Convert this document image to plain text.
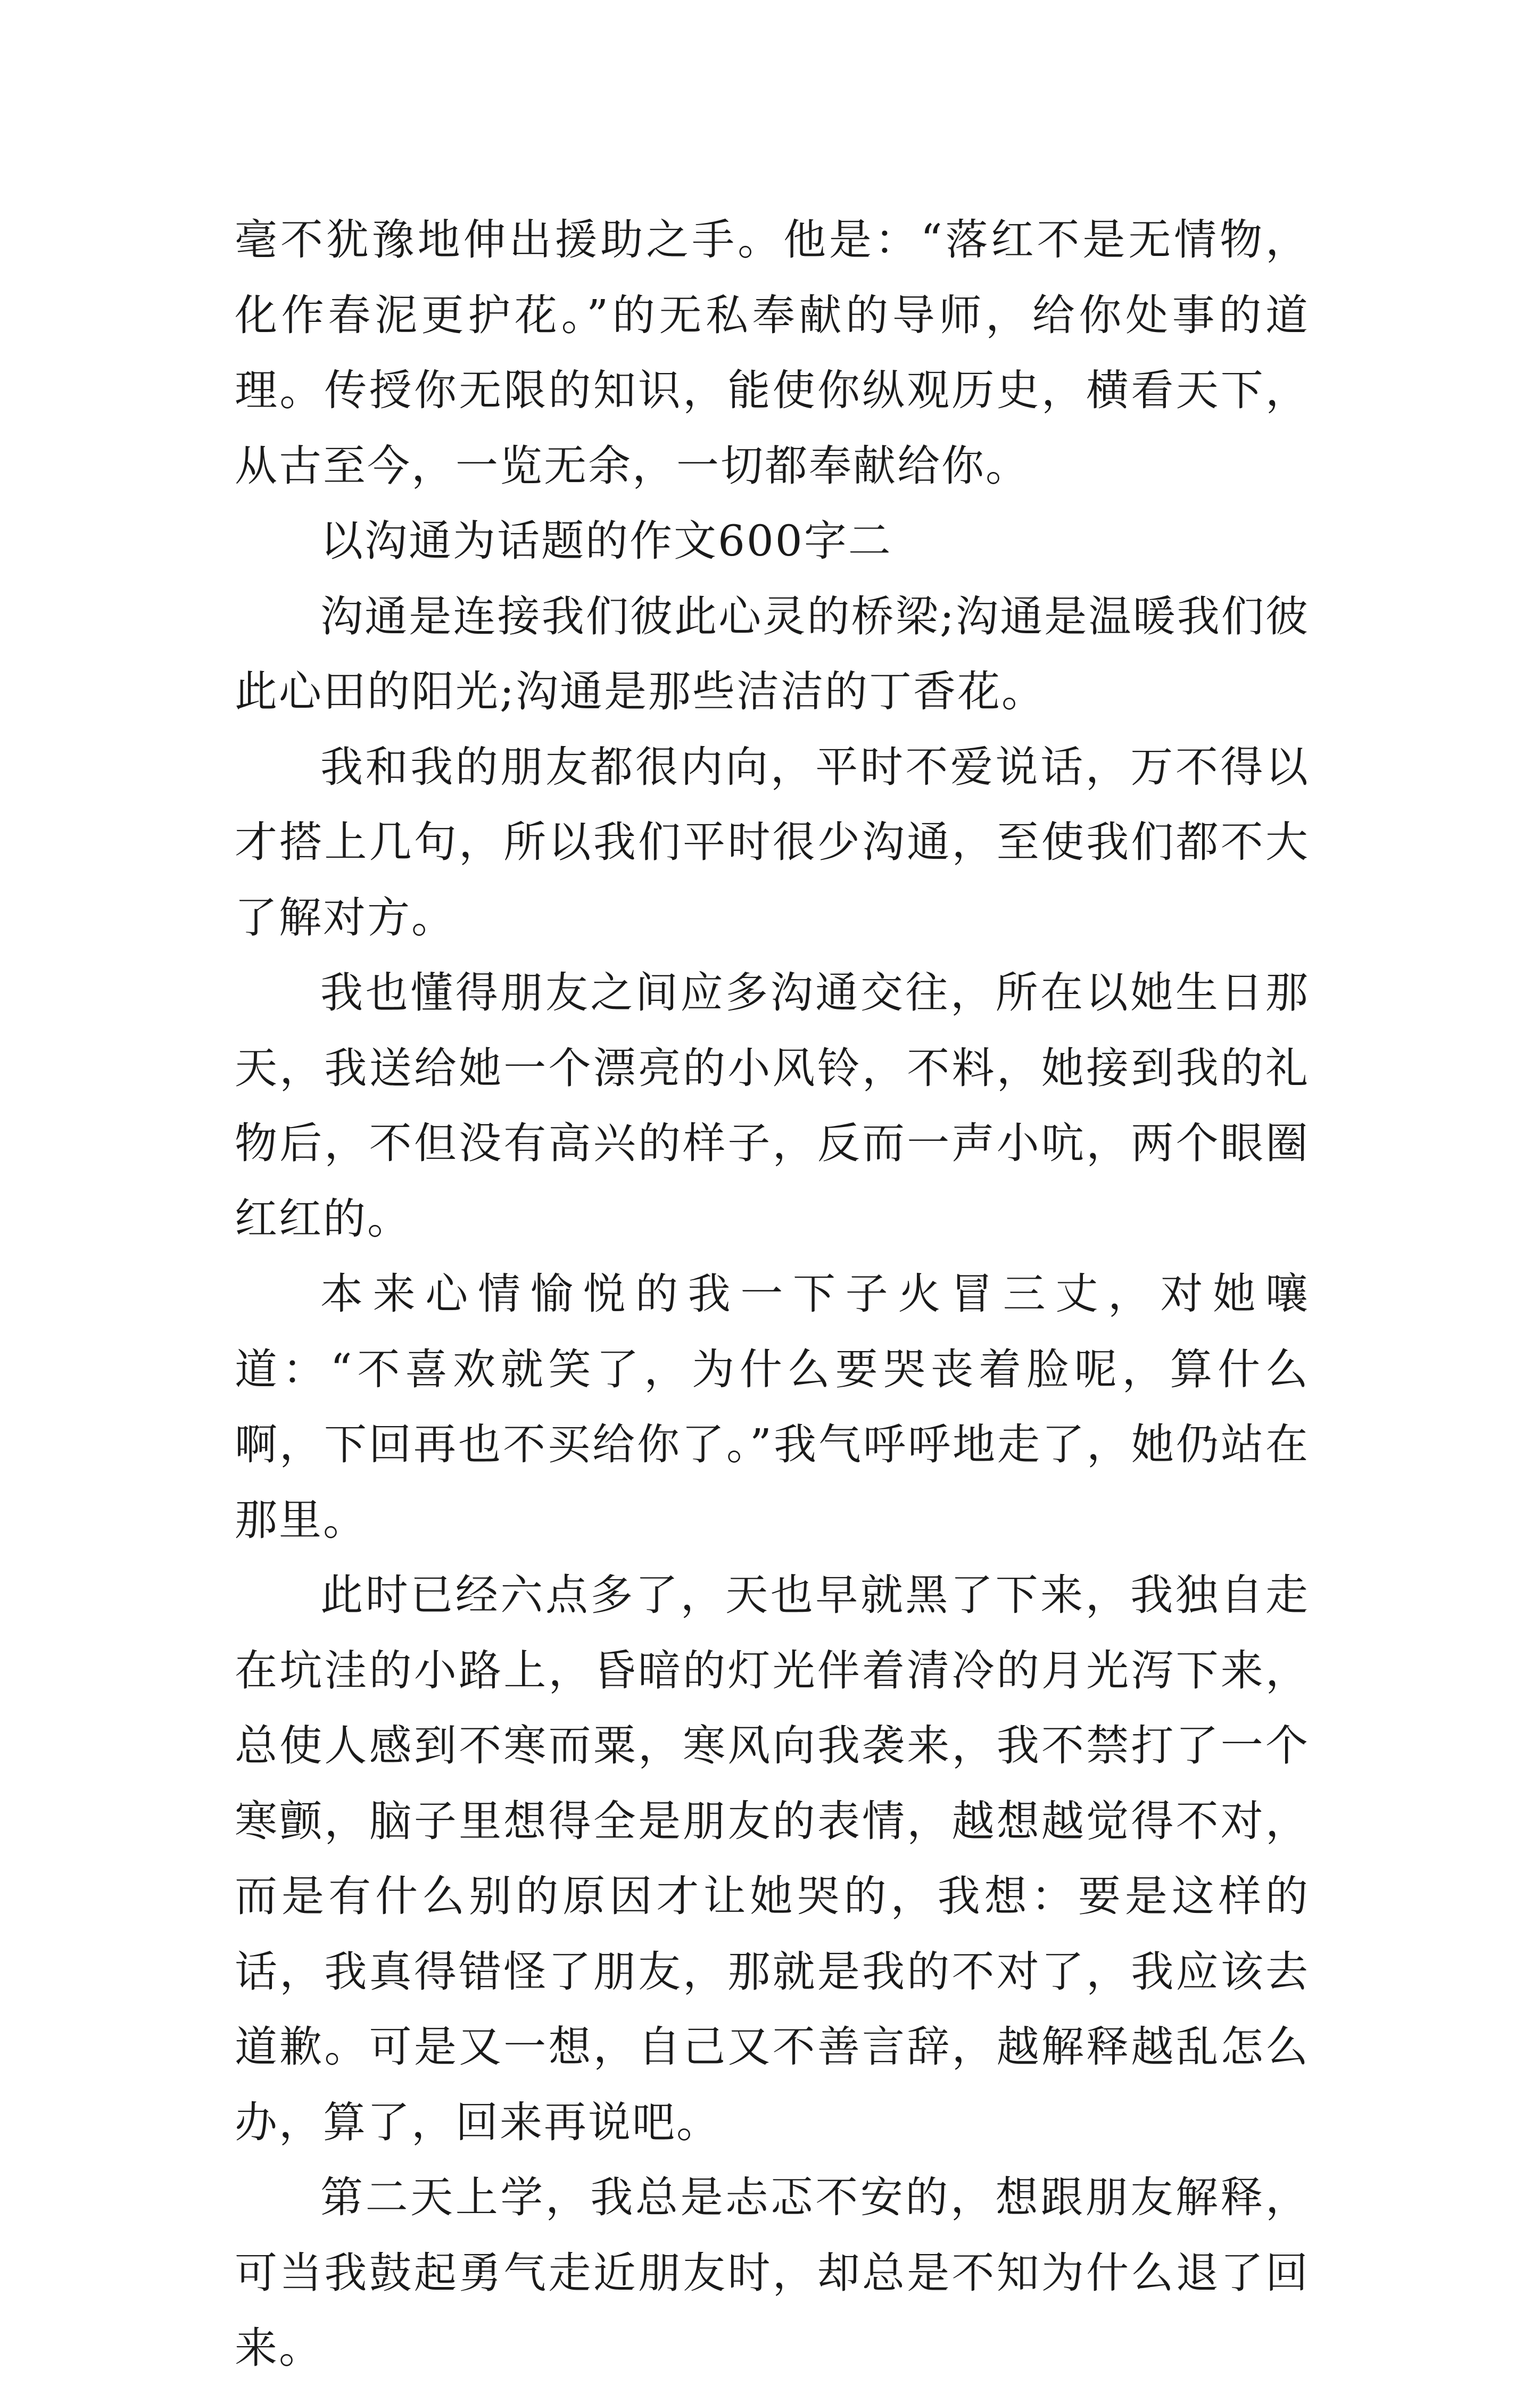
毫不犹豫地伸出援助之手。他是：“落红不是无情物，化作春泥更护花。”的无私奉献的导师，给你处事的道理。传授你无限的知识，能使你纵观历史，横看天下，从古至今，一览无余，一切都奉献给你。

以沟通为话题的作文600字二

沟通是连接我们彼此心灵的桥梁;沟通是温暖我们彼此心田的阳光;沟通是那些洁洁的丁香花。

我和我的朋友都很内向，平时不爱说话，万不得以才搭上几句，所以我们平时很少沟通，至使我们都不大了解对方。

我也懂得朋友之间应多沟通交往，所在以她生日那天，我送给她一个漂亮的小风铃，不料，她接到我的礼物后，不但没有高兴的样子，反而一声小吭，两个眼圈红红的。

本来心情愉悦的我一下子火冒三丈，对她嚷道：“不喜欢就笑了，为什么要哭丧着脸呢，算什么啊，下回再也不买给你了。”我气呼呼地走了，她仍站在那里。

此时已经六点多了，天也早就黑了下来，我独自走在坑洼的小路上，昏暗的灯光伴着清冷的月光泻下来，总使人感到不寒而粟，寒风向我袭来，我不禁打了一个寒颤，脑子里想得全是朋友的表情，越想越觉得不对，而是有什么别的原因才让她哭的，我想：要是这样的话，我真得错怪了朋友，那就是我的不对了，我应该去道歉。可是又一想，自己又不善言辞，越解释越乱怎么办，算了，回来再说吧。

第二天上学，我总是忐忑不安的，想跟朋友解释，可当我鼓起勇气走近朋友时，却总是不知为什么退了回来。
